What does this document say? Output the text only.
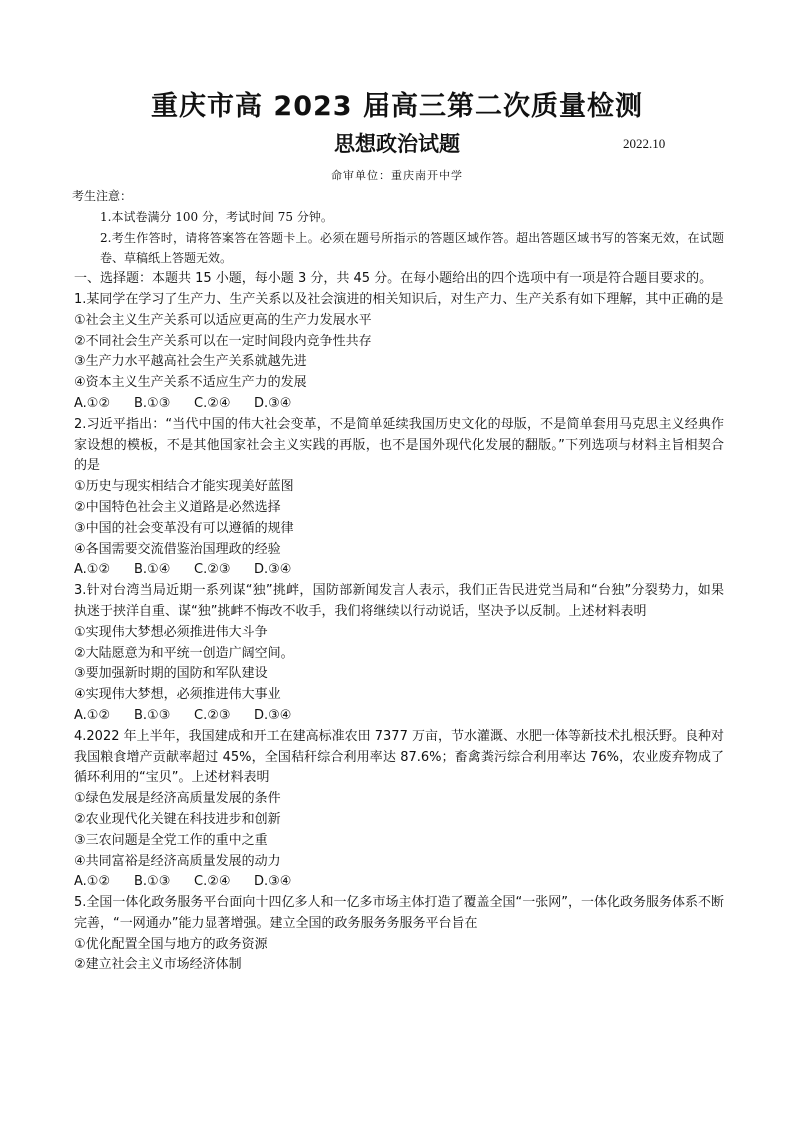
重庆市高 2023 届高三第二次质量检测
思想政治试题	2022.10
命审单位：重庆南开中学

考生注意：

1.本试卷满分 100 分，考试时间 75 分钟。

2.考生作答时，请将答案答在答题卡上。必须在题号所指示的答题区域作答。超出答题区域书写的答案无效，在试题卷、草稿纸上答题无效。

一、选择题：本题共 15 小题，每小题 3 分，共 45 分。在每小题给出的四个选项中有一项是符合题目要求的。

1.某同学在学习了生产力、生产关系以及社会演进的相关知识后，对生产力、生产关系有如下理解，其中正确的是

①社会主义生产关系可以适应更高的生产力发展水平

②不同社会生产关系可以在一定时间段内竞争性共存

③生产力水平越高社会生产关系就越先进

④资本主义生产关系不适应生产力的发展

A.①② B.①③ C.②④ D.③④

2.习近平指出：“当代中国的伟大社会变革，不是简单延续我国历史文化的母版，不是简单套用马克思主义经典作家设想的模板，不是其他国家社会主义实践的再版，也不是国外现代化发展的翻版。”下列选项与材料主旨相契合的是

①历史与现实相结合才能实现美好蓝图

②中国特色社会主义道路是必然选择

③中国的社会变革没有可以遵循的规律

④各国需要交流借鉴治国理政的经验

A.①② B.①④ C.②③ D.③④

3.针对台湾当局近期一系列谋“独”挑衅，国防部新闻发言人表示，我们正告民进党当局和“台独”分裂势力，如果执迷于挟洋自重、谋“独”挑衅不悔改不收手，我们将继续以行动说话，坚决予以反制。上述材料表明

①实现伟大梦想必须推进伟大斗争

②大陆愿意为和平统一创造广阔空间。

③要加强新时期的国防和军队建设

④实现伟大梦想，必须推进伟大事业

A.①② B.①③ C.②③ D.③④

4.2022 年上半年，我国建成和开工在建高标准农田 7377 万亩，节水灌溉、水肥一体等新技术扎根沃野。良种对我国粮食增产贡献率超过 45%，全国秸秆综合利用率达 87.6%；畜禽粪污综合利用率达 76%，农业废弃物成了循环利用的“宝贝”。上述材料表明

①绿色发展是经济高质量发展的条件

②农业现代化关键在科技进步和创新

③三农问题是全党工作的重中之重

④共同富裕是经济高质量发展的动力

A.①② B.①③ C.②④ D.③④

5.全国一体化政务服务平台面向十四亿多人和一亿多市场主体打造了覆盖全国“一张网”，一体化政务服务体系不断完善，“一网通办”能力显著增强。建立全国的政务服务务服务平台旨在

①优化配置全国与地方的政务资源

②建立社会主义市场经济体制
